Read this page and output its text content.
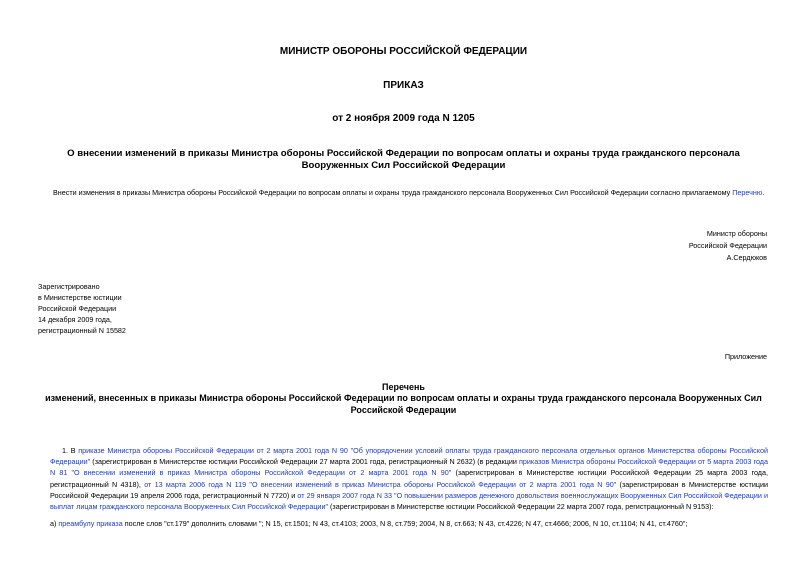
МИНИСТР ОБОРОНЫ РОССИЙСКОЙ ФЕДЕРАЦИИ
ПРИКАЗ
от 2 ноября 2009 года N 1205
О внесении изменений в приказы Министра обороны Российской Федерации по вопросам оплаты и охраны труда гражданского персонала Вооруженных Сил Российской Федерации
Внести изменения в приказы Министра обороны Российской Федерации по вопросам оплаты и охраны труда гражданского персонала Вооруженных Сил Российской Федерации согласно прилагаемому Перечню.
Министр обороны
Российской Федерации
А.Сердюков
Зарегистрировано
в Министерстве юстиции
Российской Федерации
14 декабря 2009 года,
регистрационный N 15582
Приложение
Перечень
изменений, внесенных в приказы Министра обороны Российской Федерации по вопросам оплаты и охраны труда гражданского персонала Вооруженных Сил Российской Федерации
1. В приказе Министра обороны Российской Федерации от 2 марта 2001 года N 90 "Об упорядочении условий оплаты труда гражданского персонала отдельных органов Министерства обороны Российской Федерации" (зарегистрирован в Министерстве юстиции Российской Федерации 27 марта 2001 года, регистрационный N 2632) (в редакции приказов Министра обороны Российской Федерации от 5 марта 2003 года N 81 "О внесении изменений в приказ Министра обороны Российской Федерации от 2 марта 2001 года N 90" (зарегистрирован в Министерстве юстиции Российской Федерации 25 марта 2003 года, регистрационный N 4318), от 13 марта 2006 года N 119 "О внесении изменений в приказ Министра обороны Российской Федерации от 2 марта 2001 года N 90" (зарегистрирован в Министерстве юстиции Российской Федерации 19 апреля 2006 года, регистрационный N 7720) и от 29 января 2007 года N 33 "О повышении размеров денежного довольствия военнослужащих Вооруженных Сил Российской Федерации и выплат лицам гражданского персонала Вооруженных Сил Российской Федерации" (зарегистрирован в Министерстве юстиции Российской Федерации 22 марта 2007 года, регистрационный N 9153):
а) преамбулу приказа после слов "ст.179" дополнить словами "; N 15, ст.1501; N 43, ст.4103; 2003, N 8, ст.759; 2004, N 8, ст.663; N 43, ст.4226; N 47, ст.4666; 2006, N 10, ст.1104; N 41, ст.4760";
